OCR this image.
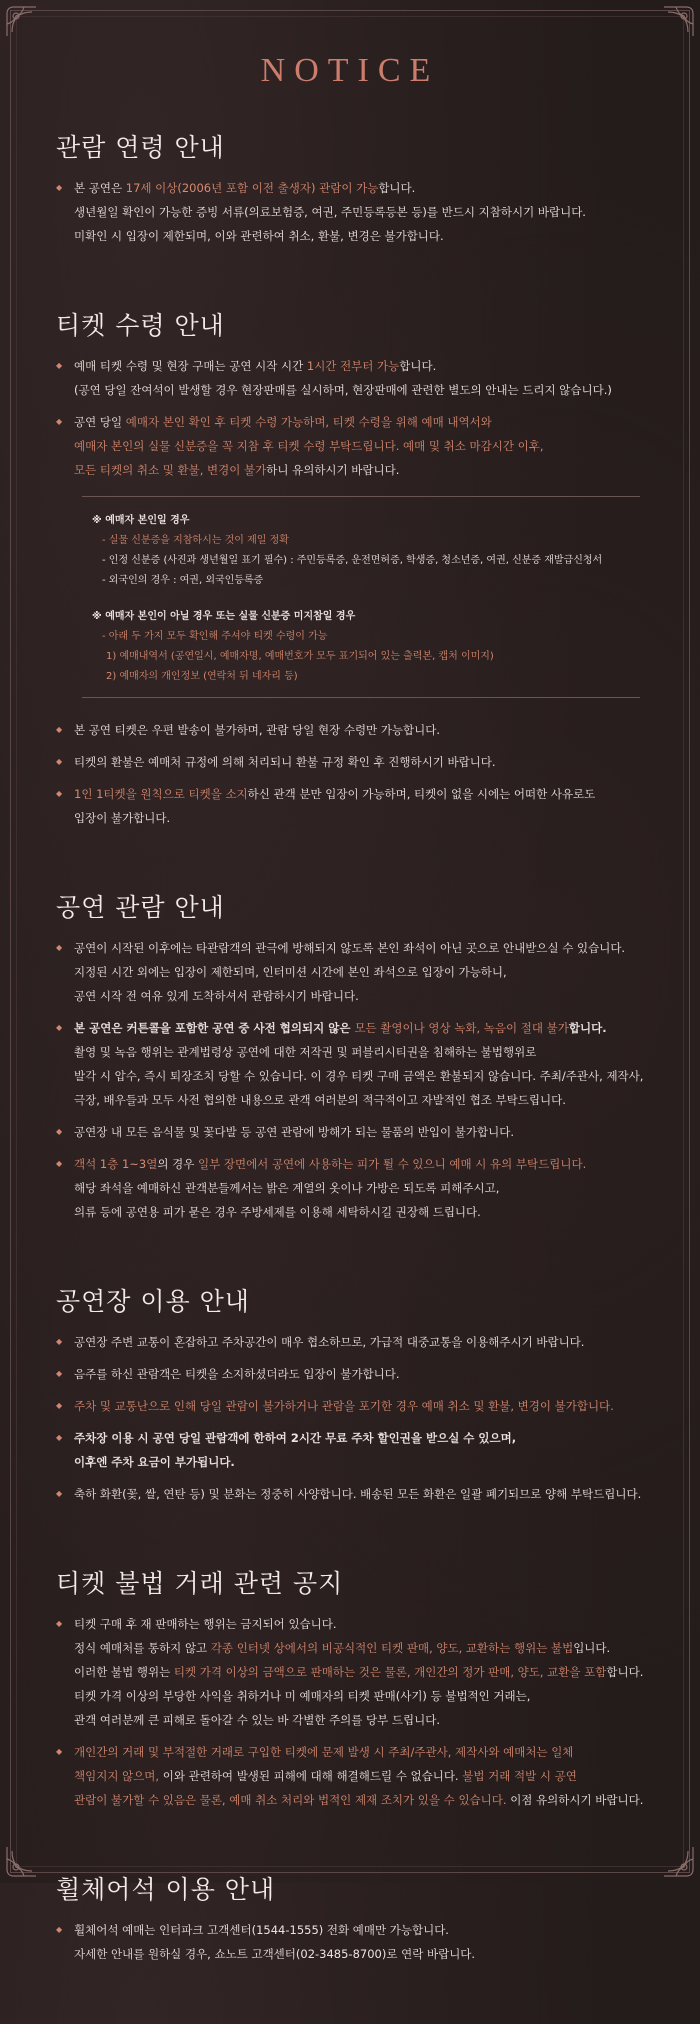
NOTICE
관람 연령 안내
◆ 본 공연은 17세 이상(2006년 포함 이전 출생자) 관람이 가능합니다.
생년월일 확인이 가능한 증빙 서류(의료보험증, 여권, 주민등록등본 등)를 반드시 지참하시기 바랍니다.
미확인 시 입장이 제한되며, 이와 관련하여 취소, 환불, 변경은 불가합니다.
티켓 수령 안내
◆ 예매 티켓 수령 및 현장 구매는 공연 시작 시간 1시간 전부터 가능합니다.
(공연 당일 잔여석이 발생할 경우 현장판매를 실시하며, 현장판매에 관련한 별도의 안내는 드리지 않습니다.)
◆ 공연 당일 예매자 본인 확인 후 티켓 수령 가능하며, 티켓 수령을 위해 예매 내역서와
예매자 본인의 실물 신분증을 꼭 지참 후 티켓 수령 부탁드립니다. 예매 및 취소 마감시간 이후,
모든 티켓의 취소 및 환불, 변경이 불가하니 유의하시기 바랍니다.
※ 예매자 본인일 경우
- 실물 신분증을 지참하시는 것이 제일 정확
- 인정 신분증 (사진과 생년월일 표기 필수) : 주민등록증, 운전면허증, 학생증, 청소년증, 여권, 신분증 재발급신청서
- 외국인의 경우 : 여권, 외국인등록증
※ 예매자 본인이 아닐 경우 또는 실물 신분증 미지참일 경우
- 아래 두 가지 모두 확인해 주셔야 티켓 수령이 가능
1) 예매내역서 (공연일시, 예매자명, 예매번호가 모두 표기되어 있는 출력본, 캡처 이미지)
2) 예매자의 개인정보 (연락처 뒤 네자리 등)
◆ 본 공연 티켓은 우편 발송이 불가하며, 관람 당일 현장 수령만 가능합니다.
◆ 티켓의 환불은 예매처 규정에 의해 처리되니 환불 규정 확인 후 진행하시기 바랍니다.
◆ 1인 1티켓을 원칙으로 티켓을 소지하신 관객 분만 입장이 가능하며, 티켓이 없을 시에는 어떠한 사유로도
입장이 불가합니다.
공연 관람 안내
◆ 공연이 시작된 이후에는 타관람객의 관극에 방해되지 않도록 본인 좌석이 아닌 곳으로 안내받으실 수 있습니다.
지정된 시간 외에는 입장이 제한되며, 인터미션 시간에 본인 좌석으로 입장이 가능하니,
공연 시작 전 여유 있게 도착하셔서 관람하시기 바랍니다.
◆ 본 공연은 커튼콜을 포함한 공연 중 사전 협의되지 않은 모든 촬영이나 영상 녹화, 녹음이 절대 불가합니다.
촬영 및 녹음 행위는 관계법령상 공연에 대한 저작권 및 퍼블리시티권을 침해하는 불법행위로
발각 시 압수, 즉시 퇴장조치 당할 수 있습니다. 이 경우 티켓 구매 금액은 환불되지 않습니다. 주최/주관사, 제작사,
극장, 배우들과 모두 사전 협의한 내용으로 관객 여러분의 적극적이고 자발적인 협조 부탁드립니다.
◆ 공연장 내 모든 음식물 및 꽃다발 등 공연 관람에 방해가 되는 물품의 반입이 불가합니다.
◆ 객석 1층 1~3열의 경우 일부 장면에서 공연에 사용하는 피가 튈 수 있으니 예매 시 유의 부탁드립니다.
해당 좌석을 예매하신 관객분들께서는 밝은 계열의 옷이나 가방은 되도록 피해주시고,
의류 등에 공연용 피가 묻은 경우 주방세제를 이용해 세탁하시길 권장해 드립니다.
공연장 이용 안내
◆ 공연장 주변 교통이 혼잡하고 주차공간이 매우 협소하므로, 가급적 대중교통을 이용해주시기 바랍니다.
◆ 음주를 하신 관람객은 티켓을 소지하셨더라도 입장이 불가합니다.
◆ 주차 및 교통난으로 인해 당일 관람이 불가하거나 관람을 포기한 경우 예매 취소 및 환불, 변경이 불가합니다.
◆ 주차장 이용 시 공연 당일 관람객에 한하여 2시간 무료 주차 할인권을 받으실 수 있으며,
이후엔 주차 요금이 부가됩니다.
◆ 축하 화환(꽃, 쌀, 연탄 등) 및 분화는 정중히 사양합니다. 배송된 모든 화환은 일괄 폐기되므로 양해 부탁드립니다.
티켓 불법 거래 관련 공지
◆ 티켓 구매 후 재 판매하는 행위는 금지되어 있습니다.
정식 예매처를 통하지 않고 각종 인터넷 상에서의 비공식적인 티켓 판매, 양도, 교환하는 행위는 불법입니다.
이러한 불법 행위는 티켓 가격 이상의 금액으로 판매하는 것은 물론, 개인간의 정가 판매, 양도, 교환을 포함합니다.
티켓 가격 이상의 부당한 사익을 취하거나 미 예매자의 티켓 판매(사기) 등 불법적인 거래는,
관객 여러분께 큰 피해로 돌아갈 수 있는 바 각별한 주의를 당부 드립니다.
◆ 개인간의 거래 및 부적절한 거래로 구입한 티켓에 문제 발생 시 주최/주관사, 제작사와 예매처는 일체
책임지지 않으며, 이와 관련하여 발생된 피해에 대해 해결해드릴 수 없습니다. 불법 거래 적발 시 공연
관람이 불가할 수 있음은 물론, 예매 취소 처리와 법적인 제재 조치가 있을 수 있습니다. 이점 유의하시기 바랍니다.
휠체어석 이용 안내
◆ 휠체어석 예매는 인터파크 고객센터(1544-1555) 전화 예매만 가능합니다.
자세한 안내를 원하실 경우, 쇼노트 고객센터(02-3485-8700)로 연락 바랍니다.
